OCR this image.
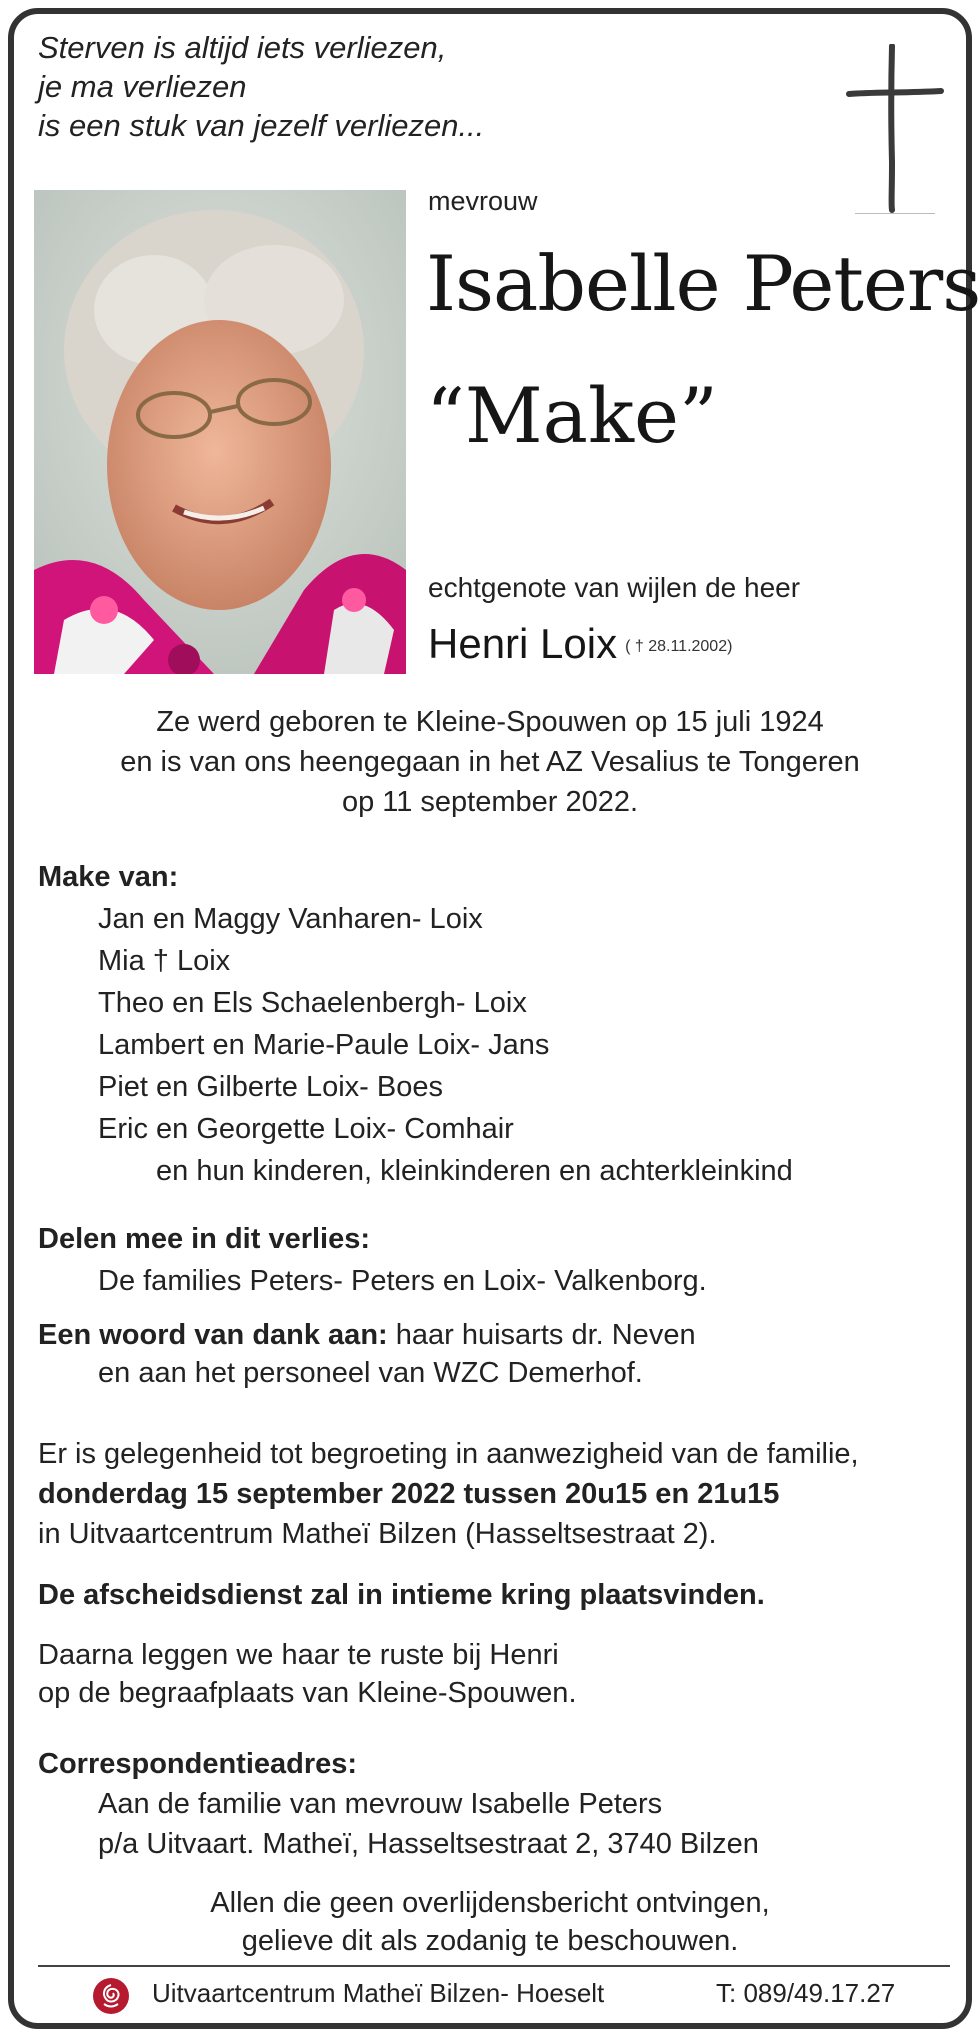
Sterven is altijd iets verliezen,
je ma verliezen
is een stuk van jezelf verliezen...
mevrouw
Isabelle Peters
“Make”
echtgenote van wijlen de heer
Henri Loix ( † 28.11.2002)
Ze werd geboren te Kleine-Spouwen op 15 juli 1924
en is van ons heengegaan in het AZ Vesalius te Tongeren
op 11 september 2022.
Make van:
Jan en Maggy Vanharen- Loix
Mia † Loix
Theo en Els Schaelenbergh- Loix
Lambert en Marie-Paule Loix- Jans
Piet en Gilberte Loix- Boes
Eric en Georgette Loix- Comhair
en hun kinderen, kleinkinderen en achterkleinkind
Delen mee in dit verlies:
De families Peters- Peters en Loix- Valkenborg.
Een woord van dank aan: haar huisarts dr. Neven
en aan het personeel van WZC Demerhof.
Er is gelegenheid tot begroeting in aanwezigheid van de familie,
donderdag 15 september 2022 tussen 20u15 en 21u15
in Uitvaartcentrum Matheï Bilzen (Hasseltsestraat 2).
De afscheidsdienst zal in intieme kring plaatsvinden.
Daarna leggen we haar te ruste bij Henri
op de begraafplaats van Kleine-Spouwen.
Correspondentieadres:
Aan de familie van mevrouw Isabelle Peters
p/a Uitvaart. Matheï, Hasseltsestraat 2, 3740 Bilzen
Allen die geen overlijdensbericht ontvingen,
gelieve dit als zodanig te beschouwen.
Uitvaartcentrum Matheï Bilzen- Hoeselt	T: 089/49.17.27
